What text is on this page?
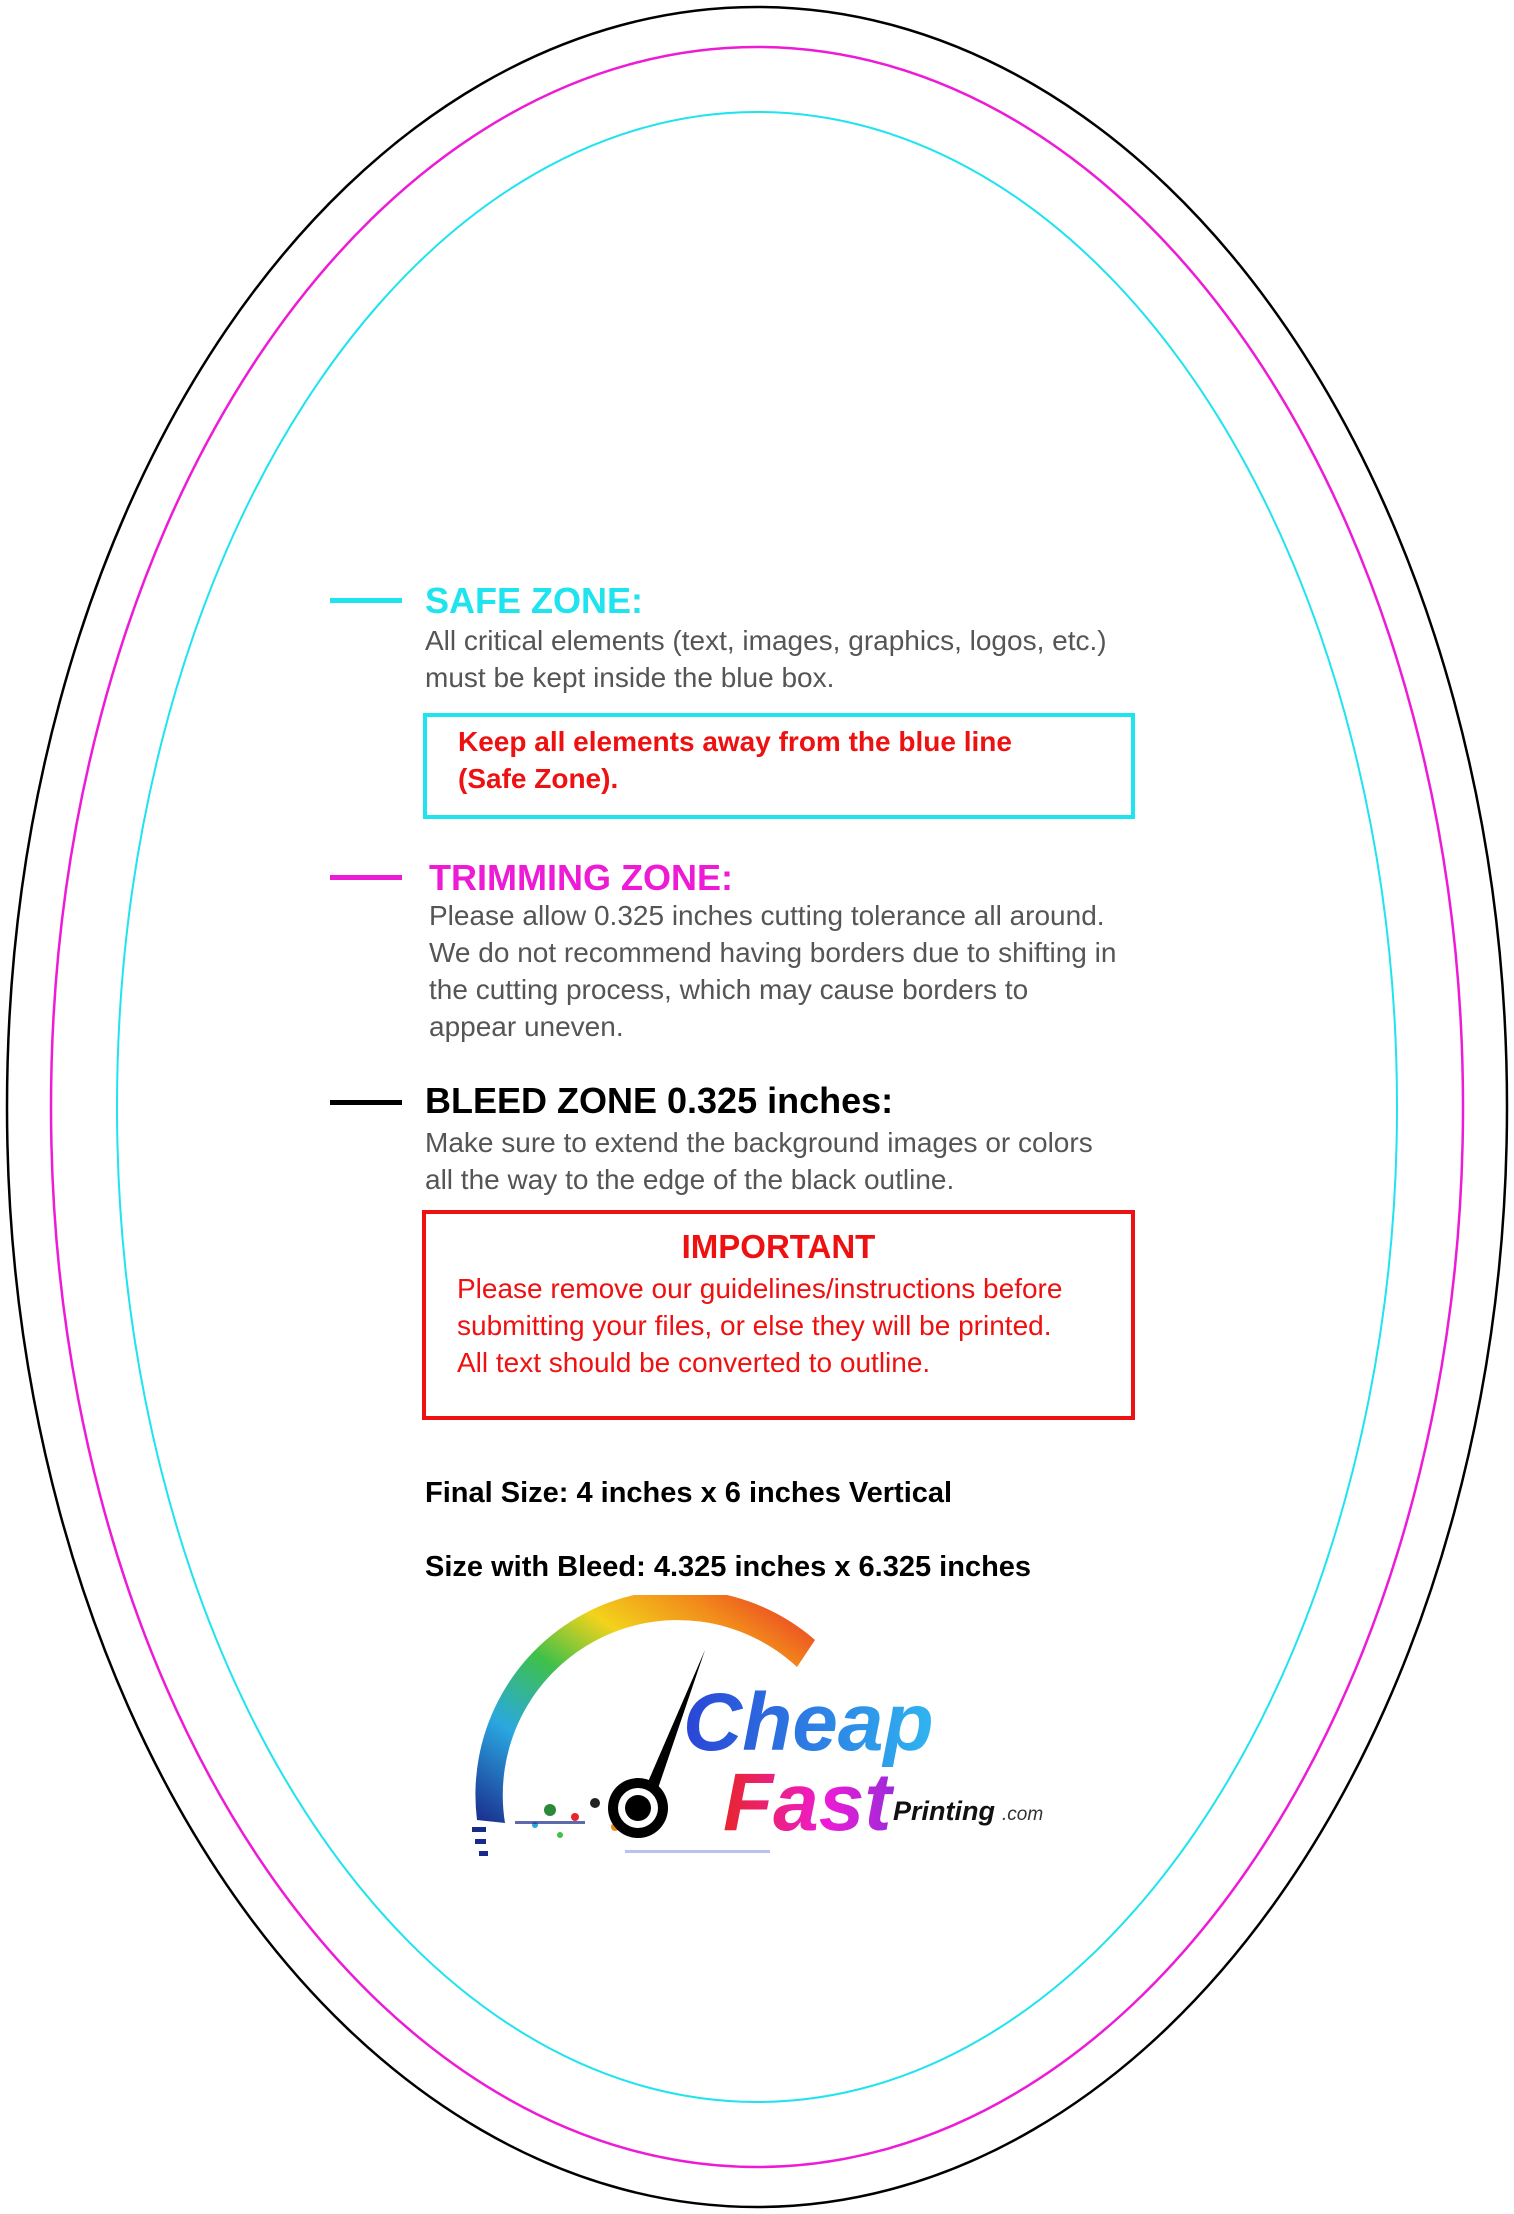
SAFE ZONE:
All critical elements (text, images, graphics, logos, etc.)
must be kept inside the blue box.
Keep all elements away from the blue line
(Safe Zone).
TRIMMING ZONE:
Please allow 0.325 inches cutting tolerance all around.
We do not recommend having borders due to shifting in
the cutting process, which may cause borders to
appear uneven.
BLEED ZONE 0.325 inches:
Make sure to extend the background images or colors
all the way to the edge of the black outline.
IMPORTANT
Please remove our guidelines/instructions before
submitting your files, or else they will be printed.
All text should be converted to outline.

Final Size: 4 inches x 6 inches Vertical

Size with Bleed: 4.325 inches x 6.325 inches

Cheap
Fast Printing .com
